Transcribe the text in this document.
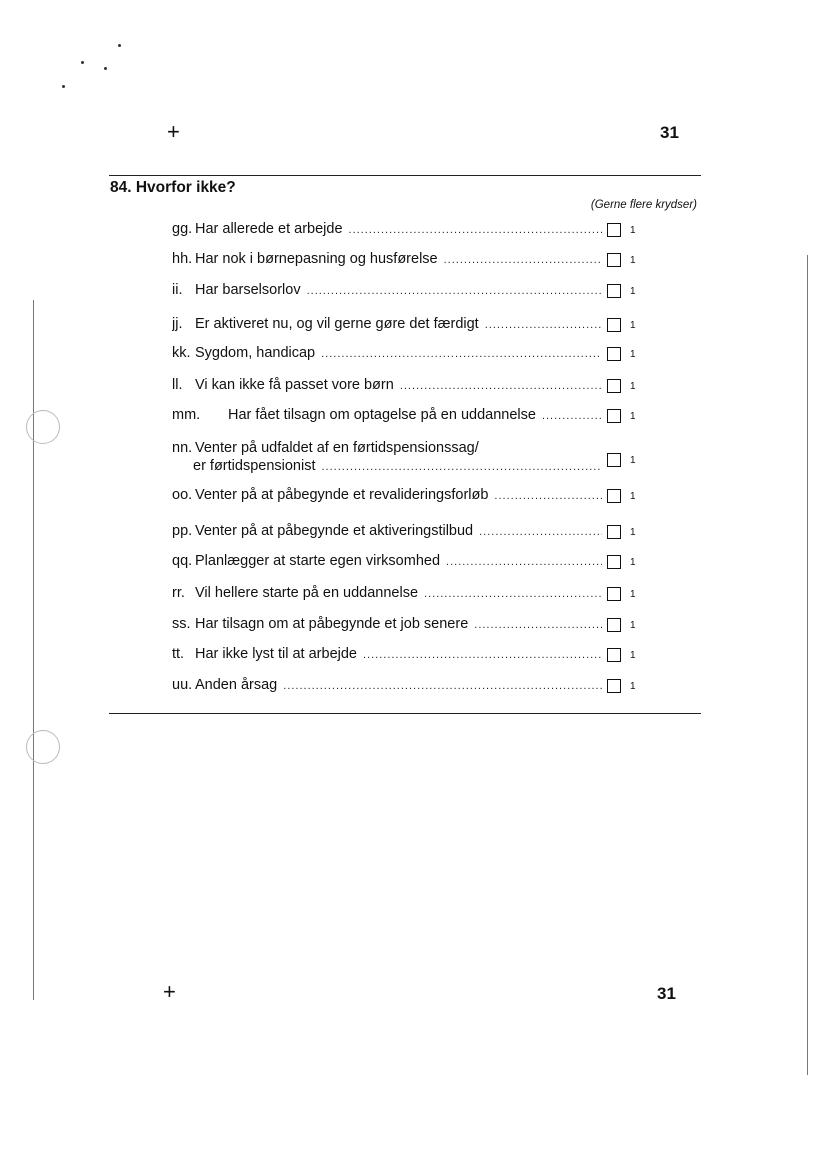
+	31
84. Hvorfor ikke?
(Gerne flere krydser)
gg. Har allerede et arbejde .....	1
hh. Har nok i børnepasning og husførelse .....	1
ii. Har barselsorlov .....	1
jj. Er aktiveret nu, og vil gerne gøre det færdigt .....	1
kk. Sygdom, handicap .....	1
ll. Vi kan ikke få passet vore børn .....	1
mm.	Har fået tilsagn om optagelse på en uddannelse .....	1
nn. Venter på udfaldet af en førtidspensionssag/
er førtidspensionist
.....	1
oo. Venter på at påbegynde et revalideringsforløb .....	1
pp. Venter på at påbegynde et aktiveringstilbud .....	1
qq. Planlægger at starte egen virksomhed .....	1
rr. Vil hellere starte på en uddannelse .....	1
ss. Har tilsagn om at påbegynde et job senere .....	1
tt. Har ikke lyst til at arbejde .....	1
uu. Anden årsag .....	1
+	31
